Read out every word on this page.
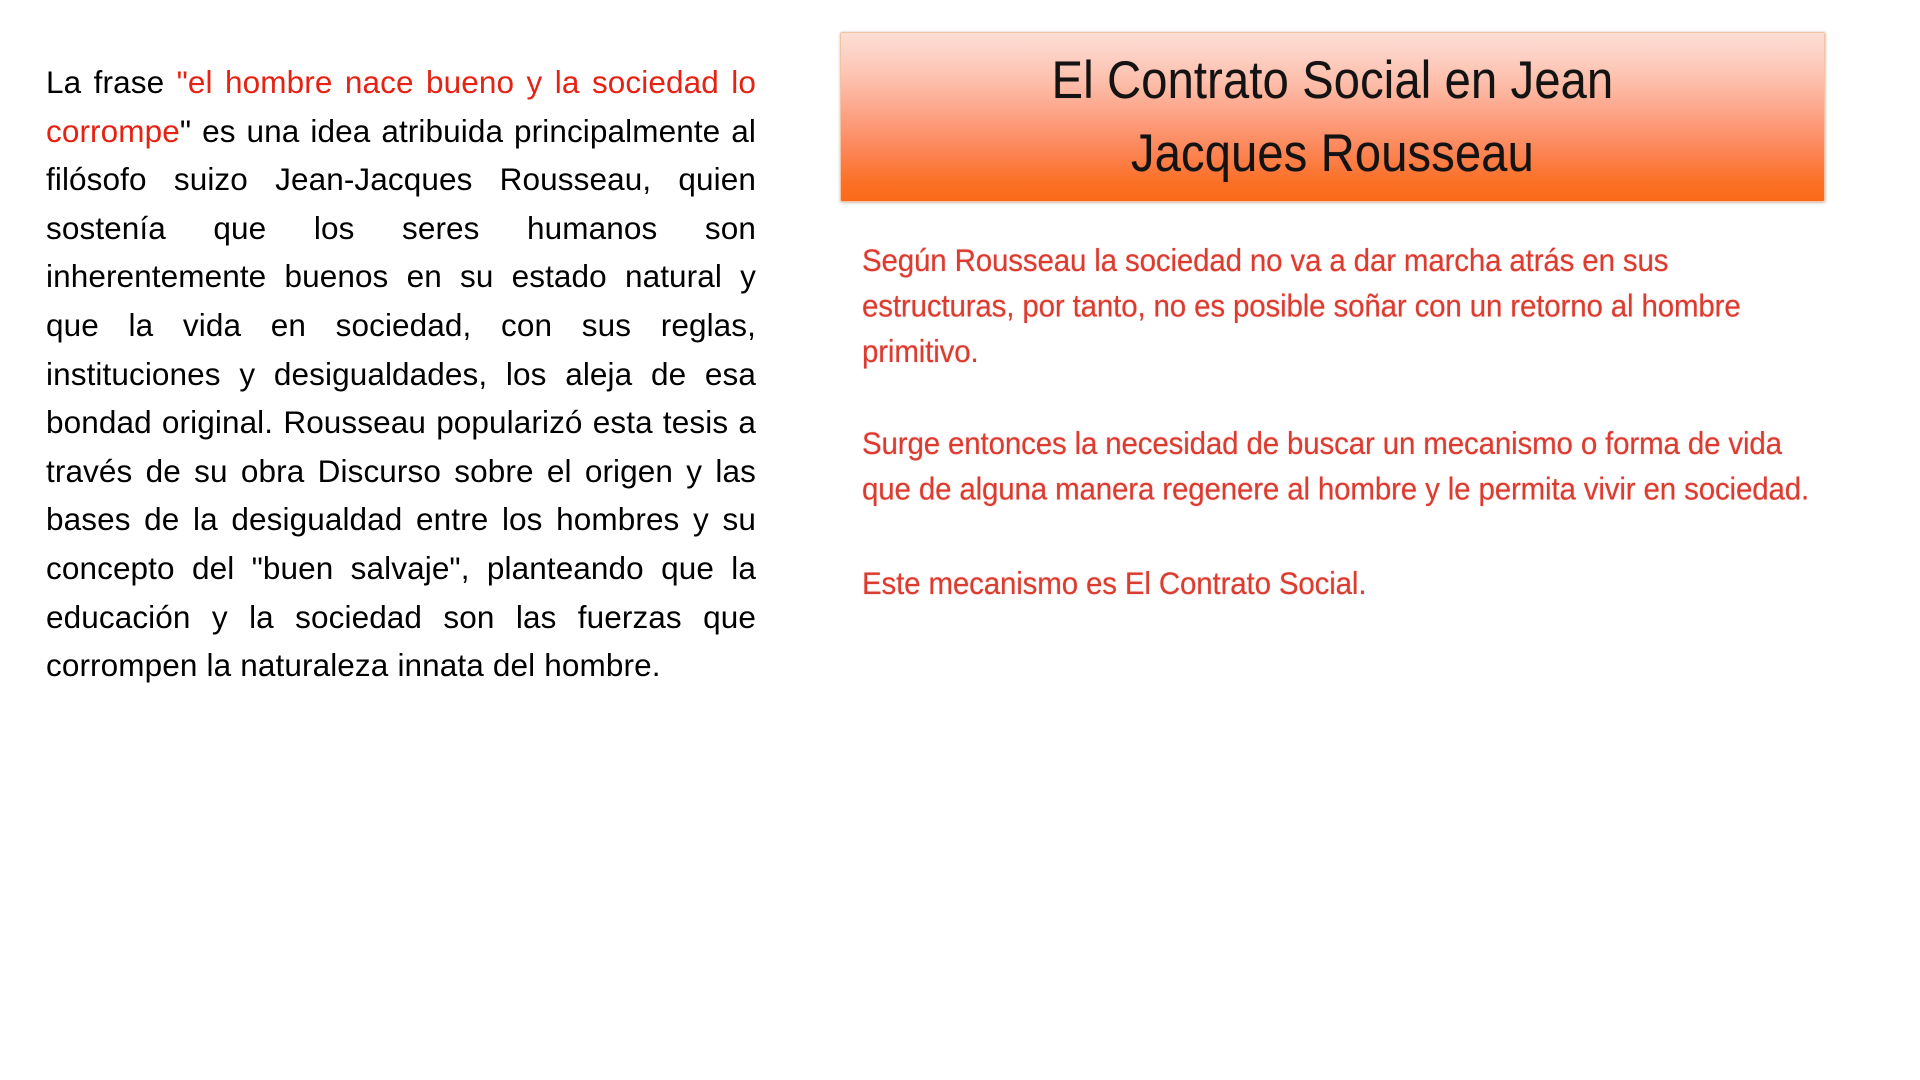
La frase "el hombre nace bueno y la sociedad lo corrompe" es una idea atribuida principalmente al filósofo suizo Jean-Jacques Rousseau, quien sostenía que los seres humanos son inherentemente buenos en su estado natural y que la vida en sociedad, con sus reglas, instituciones y desigualdades, los aleja de esa bondad original. Rousseau popularizó esta tesis a través de su obra Discurso sobre el origen y las bases de la desigualdad entre los hombres y su concepto del "buen salvaje", planteando que la educación y la sociedad son las fuerzas que corrompen la naturaleza innata del hombre.

El Contrato Social en Jean
Jacques Rousseau

Según Rousseau la sociedad no va a dar marcha atrás en sus estructuras, por tanto, no es posible soñar con un retorno al hombre primitivo.

Surge entonces la necesidad de buscar un mecanismo o forma de vida que de alguna manera regenere al hombre y le permita vivir en sociedad.

Este mecanismo es El Contrato Social.
